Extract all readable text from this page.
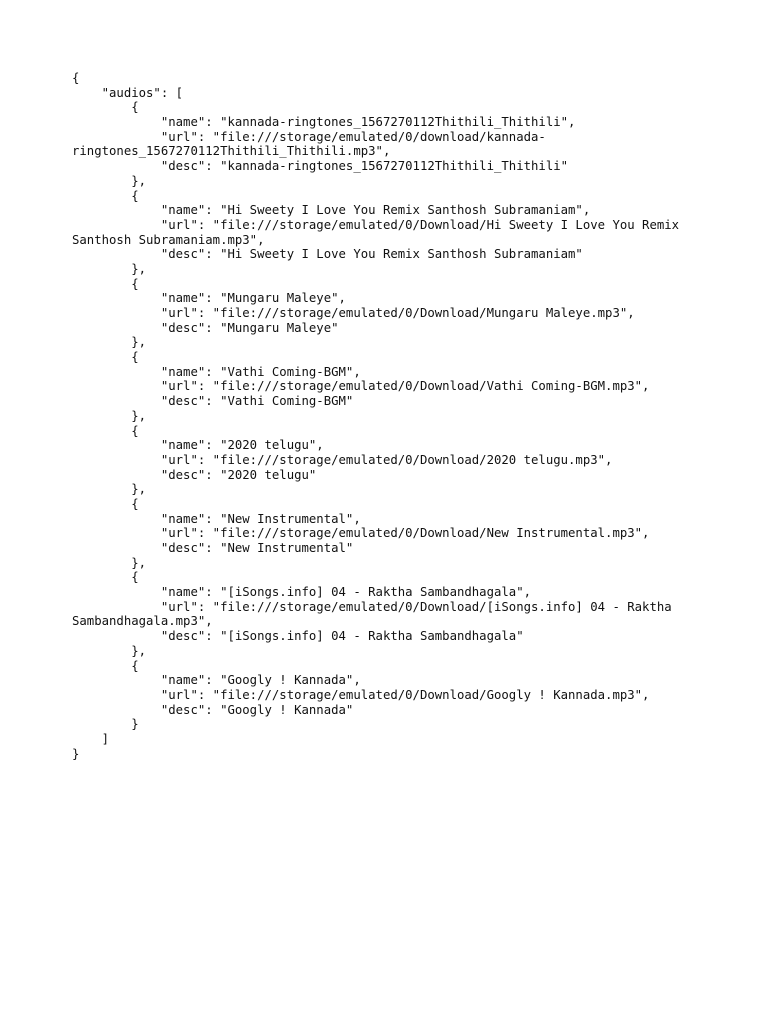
{
"audios": [
{
"name": "kannada-ringtones_1567270112Thithili_Thithili",
"url": "file:///storage/emulated/0/download/kannada-
ringtones_1567270112Thithili_Thithili.mp3",
"desc": "kannada-ringtones_1567270112Thithili_Thithili"
},
{
"name": "Hi Sweety I Love You Remix Santhosh Subramaniam",
"url": "file:///storage/emulated/0/Download/Hi Sweety I Love You Remix
Santhosh Subramaniam.mp3",
"desc": "Hi Sweety I Love You Remix Santhosh Subramaniam"
},
{
"name": "Mungaru Maleye",
"url": "file:///storage/emulated/0/Download/Mungaru Maleye.mp3",
"desc": "Mungaru Maleye"
},
{
"name": "Vathi Coming-BGM",
"url": "file:///storage/emulated/0/Download/Vathi Coming-BGM.mp3",
"desc": "Vathi Coming-BGM"
},
{
"name": "2020 telugu",
"url": "file:///storage/emulated/0/Download/2020 telugu.mp3",
"desc": "2020 telugu"
},
{
"name": "New Instrumental",
"url": "file:///storage/emulated/0/Download/New Instrumental.mp3",
"desc": "New Instrumental"
},
{
"name": "[iSongs.info] 04 - Raktha Sambandhagala",
"url": "file:///storage/emulated/0/Download/[iSongs.info] 04 - Raktha
Sambandhagala.mp3",
"desc": "[iSongs.info] 04 - Raktha Sambandhagala"
},
{
"name": "Googly ! Kannada",
"url": "file:///storage/emulated/0/Download/Googly ! Kannada.mp3",
"desc": "Googly ! Kannada"
}
]
}
